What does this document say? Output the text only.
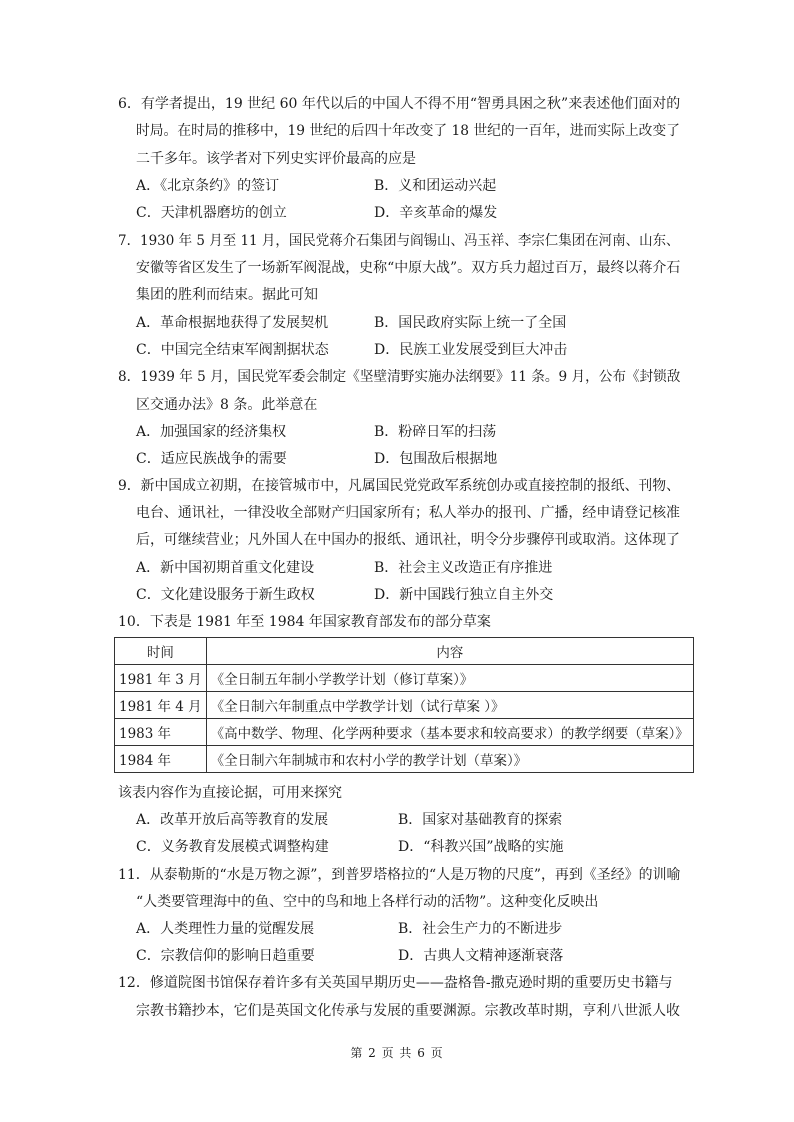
6．有学者提出，19 世纪 60 年代以后的中国人不得不用“智勇具困之秋”来表述他们面对的
时局。在时局的推移中，19 世纪的后四十年改变了 18 世纪的一百年，进而实际上改变了
二千多年。该学者对下列史实评价最高的应是
A．《北京条约》的签订	B．义和团运动兴起
C．天津机器磨坊的创立	D．辛亥革命的爆发
7．1930 年 5 月至 11 月，国民党蒋介石集团与阎锡山、冯玉祥、李宗仁集团在河南、山东、
安徽等省区发生了一场新军阀混战，史称“中原大战”。双方兵力超过百万，最终以蒋介石
集团的胜利而结束。据此可知
A．革命根据地获得了发展契机	B．国民政府实际上统一了全国
C．中国完全结束军阀割据状态	D．民族工业发展受到巨大冲击
8．1939 年 5 月，国民党军委会制定《坚壁清野实施办法纲要》11 条。9 月，公布《封锁敌
区交通办法》8 条。此举意在
A．加强国家的经济集权	B．粉碎日军的扫荡
C．适应民族战争的需要	D．包围敌后根据地
9．新中国成立初期，在接管城市中，凡属国民党党政军系统创办或直接控制的报纸、刊物、
电台、通讯社，一律没收全部财产归国家所有；私人举办的报刊、广播，经申请登记核准
后，可继续营业；凡外国人在中国办的报纸、通讯社，明令分步骤停刊或取消。这体现了
A．新中国初期首重文化建设	B．社会主义改造正有序推进
C．文化建设服务于新生政权	D．新中国践行独立自主外交
10．下表是 1981 年至 1984 年国家教育部发布的部分草案
时间	内容
1981 年 3 月	《全日制五年制小学教学计划（修订草案）》
1981 年 4 月	《全日制六年制重点中学教学计划（试行草案 ）》
1983 年	《高中数学、物理、化学两种要求（基本要求和较高要求）的教学纲要（草案）》
1984 年	《全日制六年制城市和农村小学的教学计划（草案）》
该表内容作为直接论据，可用来探究
A．改革开放后高等教育的发展	B．国家对基础教育的探索
C．义务教育发展模式调整构建	D．“科教兴国”战略的实施
11．从泰勒斯的“水是万物之源”，到普罗塔格拉的“人是万物的尺度”，再到《圣经》的训喻
“人类要管理海中的鱼、空中的鸟和地上各样行动的活物”。这种变化反映出
A．人类理性力量的觉醒发展	B．社会生产力的不断进步
C．宗教信仰的影响日趋重要	D．古典人文精神逐渐衰落
12．修道院图书馆保存着许多有关英国早期历史——盎格鲁-撒克逊时期的重要历史书籍与
宗教书籍抄本，它们是英国文化传承与发展的重要渊源。宗教改革时期，亨利八世派人收
第 2 页 共 6 页
